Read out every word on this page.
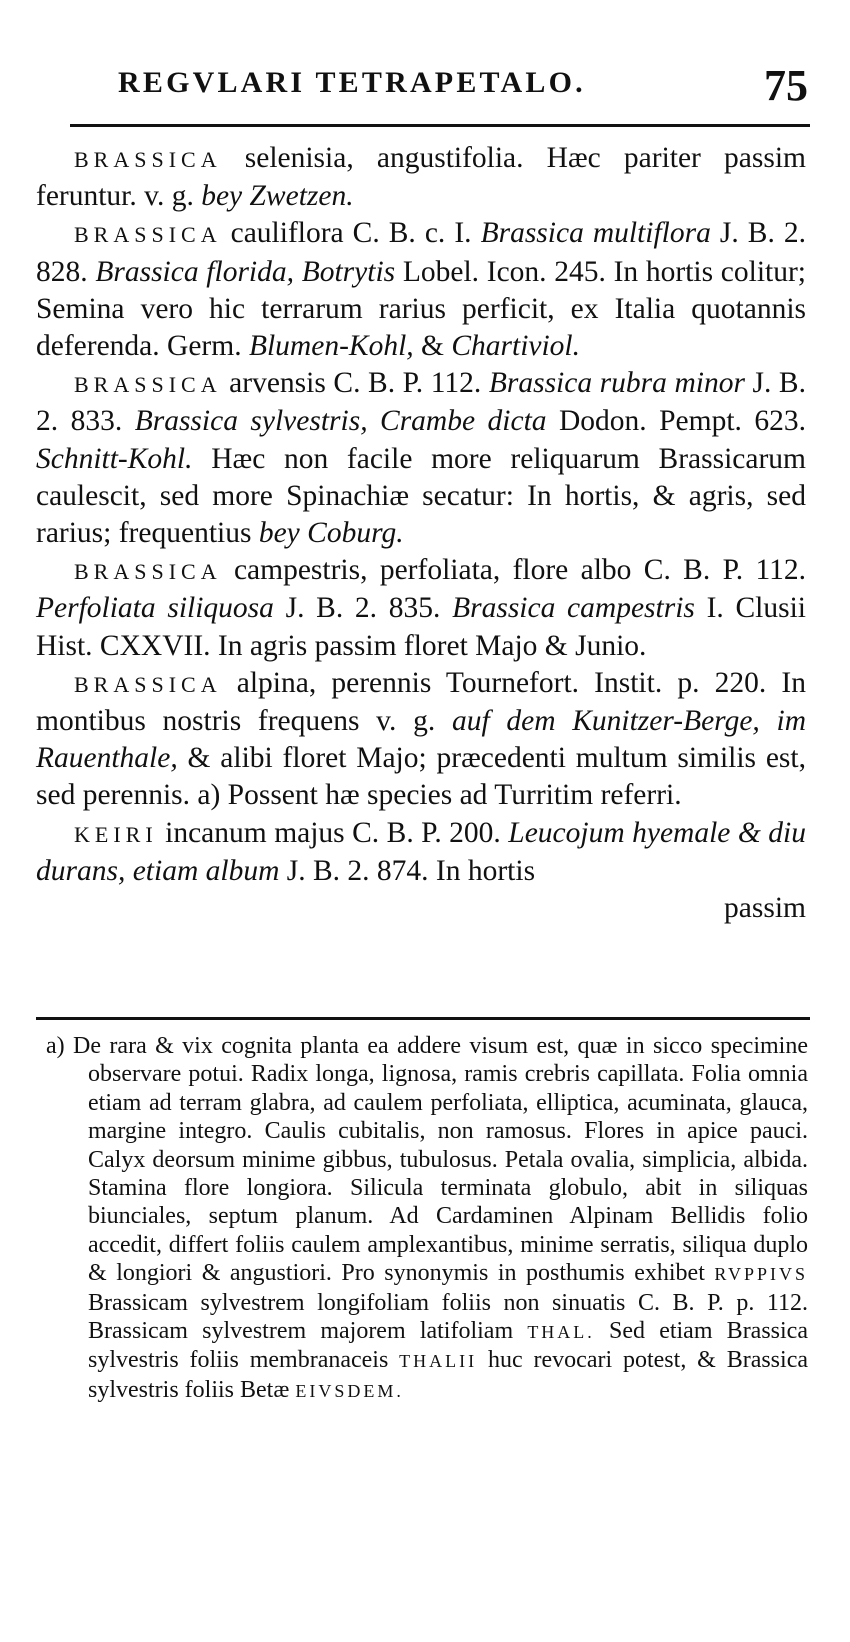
REGVLARI TETRAPETALO.	75

BRASSICA selenisia, angustifolia. Hæc pariter passim feruntur. v. g. bey Zwetzen.

BRASSICA cauliflora C. B. c. I. Brassica multiflora J. B. 2. 828. Brassica florida, Botrytis Lobel. Icon. 245. In hortis colitur; Semina vero hic terrarum rarius perficit, ex Italia quotannis deferenda. Germ. Blumen-Kohl, & Chartiviol.

BRASSICA arvensis C. B. P. 112. Brassica rubra minor J. B. 2. 833. Brassica sylvestris, Crambe dicta Dodon. Pempt. 623. Schnitt-Kohl. Hæc non facile more reliquarum Brassicarum caulescit, sed more Spinachiæ secatur: In hortis, & agris, sed rarius; frequentius bey Coburg.

BRASSICA campestris, perfoliata, flore albo C. B. P. 112. Perfoliata siliquosa J. B. 2. 835. Brassica campestris I. Clusii Hist. CXXVII. In agris passim floret Majo & Junio.

BRASSICA alpina, perennis Tournefort. Instit. p. 220. In montibus nostris frequens v. g. auf dem Kunitzer-Berge, im Rauenthale, & alibi floret Majo; præcedenti multum similis est, sed perennis. a) Possent hæ species ad Turritim referri.

KEIRI incanum majus C. B. P. 200. Leucojum hyemale & diu durans, etiam album J. B. 2. 874. In hortis

passim

a) De rara & vix cognita planta ea addere visum est, quæ in sicco specimine observare potui. Radix longa, lignosa, ramis crebris capillata. Folia omnia etiam ad terram glabra, ad caulem perfoliata, elliptica, acuminata, glauca, margine integro. Caulis cubitalis, non ramosus. Flores in apice pauci. Calyx deorsum minime gibbus, tubulosus. Petala ovalia, simplicia, albida. Stamina flore longiora. Silicula terminata globulo, abit in siliquas biunciales, septum planum. Ad Cardaminen Alpinam Bellidis folio accedit, differt foliis caulem amplexantibus, minime serratis, siliqua duplo & longiori & angustiori. Pro synonymis in posthumis exhibet RVPPIVS Brassicam sylvestrem longifoliam foliis non sinuatis C. B. P. p. 112. Brassicam sylvestrem majorem latifoliam THAL. Sed etiam Brassica sylvestris foliis membranaceis THALII huc revocari potest, & Brassica sylvestris foliis Betæ EIVSDEM.
